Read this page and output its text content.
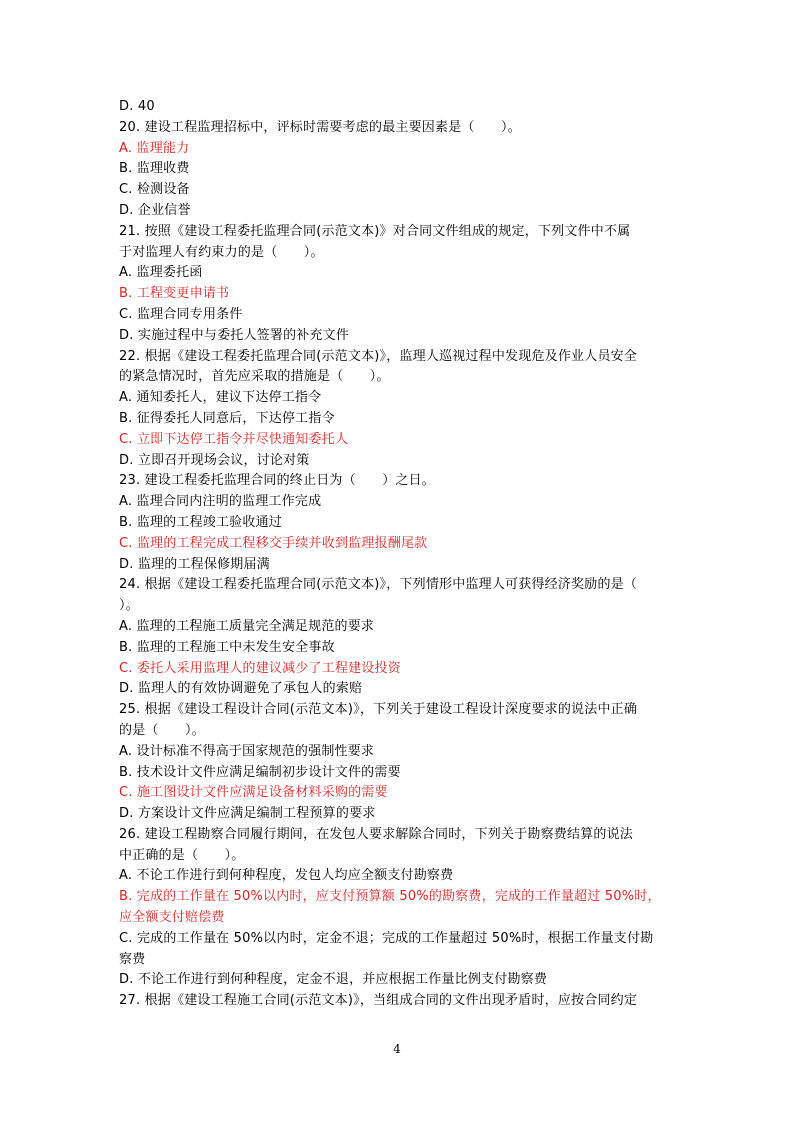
D. 40
20. 建设工程监理招标中，评标时需要考虑的最主要因素是（　　）。
A. 监理能力
B. 监理收费
C. 检测设备
D. 企业信誉
21. 按照《建设工程委托监理合同(示范文本)》对合同文件组成的规定，下列文件中不属
于对监理人有约束力的是（　　）。
A. 监理委托函
B. 工程变更申请书
C. 监理合同专用条件
D. 实施过程中与委托人签署的补充文件
22. 根据《建设工程委托监理合同(示范文本)》，监理人巡视过程中发现危及作业人员安全
的紧急情况时，首先应采取的措施是（　　）。
A. 通知委托人，建议下达停工指令
B. 征得委托人同意后，下达停工指令
C. 立即下达停工指令并尽快通知委托人
D. 立即召开现场会议，讨论对策
23. 建设工程委托监理合同的终止日为（　　）之日。
A. 监理合同内注明的监理工作完成
B. 监理的工程竣工验收通过
C. 监理的工程完成工程移交手续并收到监理报酬尾款
D. 监理的工程保修期届满
24. 根据《建设工程委托监理合同(示范文本)》，下列情形中监理人可获得经济奖励的是（
）。
A. 监理的工程施工质量完全满足规范的要求
B. 监理的工程施工中未发生安全事故
C. 委托人采用监理人的建议减少了工程建设投资
D. 监理人的有效协调避免了承包人的索赔
25. 根据《建设工程设计合同(示范文本)》，下列关于建设工程设计深度要求的说法中正确
的是（　　）。
A. 设计标准不得高于国家规范的强制性要求
B. 技术设计文件应满足编制初步设计文件的需要
C. 施工图设计文件应满足设备材料采购的需要
D. 方案设计文件应满足编制工程预算的要求
26. 建设工程勘察合同履行期间，在发包人要求解除合同时，下列关于勘察费结算的说法
中正确的是（　　）。
A. 不论工作进行到何种程度，发包人均应全额支付勘察费
B. 完成的工作量在 50%以内时，应支付预算额 50%的勘察费，完成的工作量超过 50%时，
应全额支付赔偿费
C. 完成的工作量在 50%以内时，定金不退；完成的工作量超过 50%时，根据工作量支付勘
察费
D. 不论工作进行到何种程度，定金不退，并应根据工作量比例支付勘察费
27. 根据《建设工程施工合同(示范文本)》，当组成合同的文件出现矛盾时，应按合同约定
4
